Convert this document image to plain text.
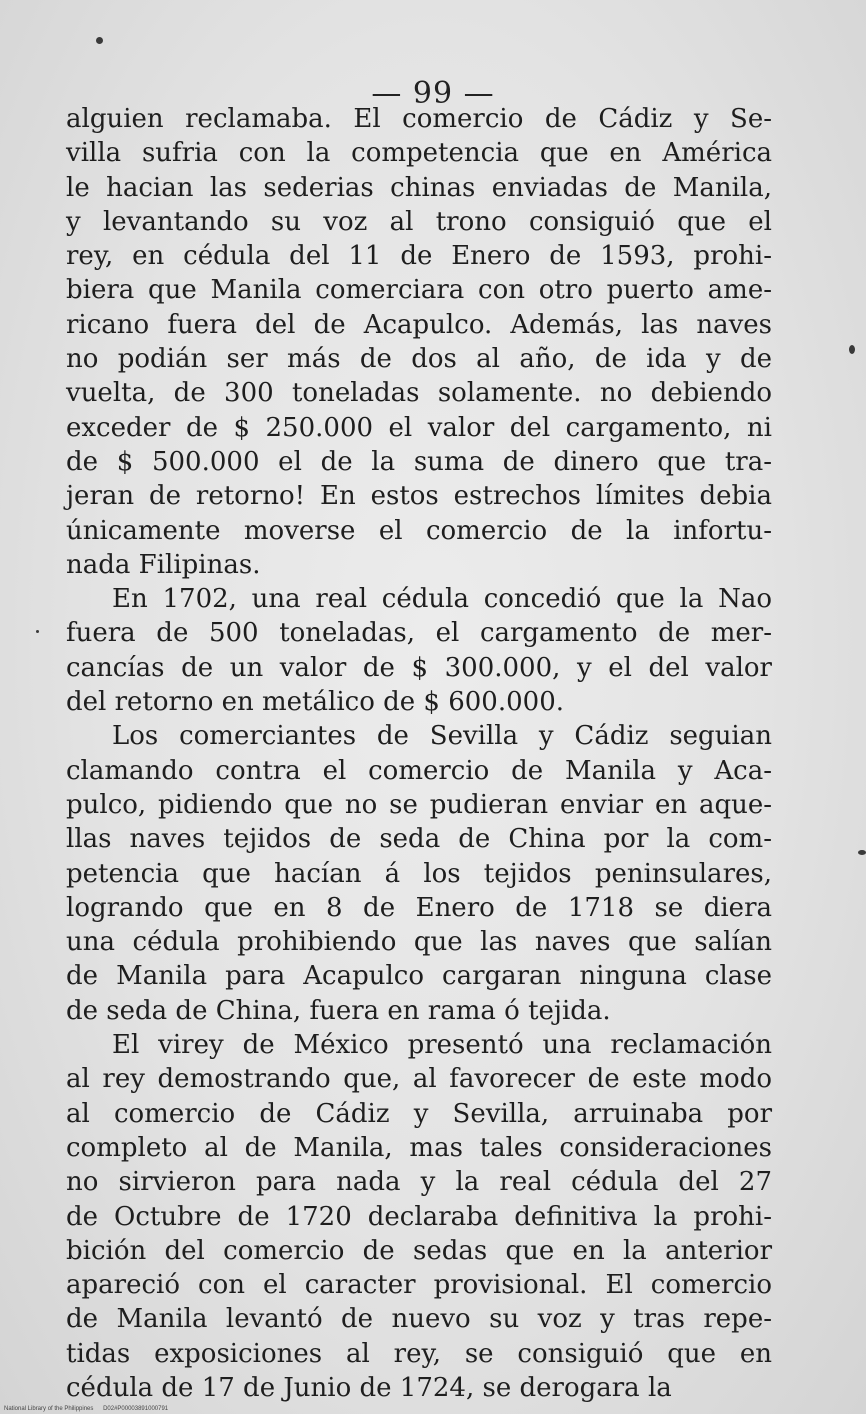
— 99 —
alguien reclamaba. El comercio de Cádiz y Se-
villa sufria con la competencia que en América
le hacian las sederias chinas enviadas de Manila,
y levantando su voz al trono consiguió que el
rey, en cédula del 11 de Enero de 1593, prohi-
biera que Manila comerciara con otro puerto ame-
ricano fuera del de Acapulco. Además, las naves
no podián ser más de dos al año, de ida y de
vuelta, de 300 toneladas solamente. no debiendo
exceder de $ 250.000 el valor del cargamento, ni
de $ 500.000 el de la suma de dinero que tra-
jeran de retorno! En estos estrechos límites debia
únicamente moverse el comercio de la infortu-
nada Filipinas.
En 1702, una real cédula concedió que la Nao
fuera de 500 toneladas, el cargamento de mer-
cancías de un valor de $ 300.000, y el del valor
del retorno en metálico de $ 600.000.
Los comerciantes de Sevilla y Cádiz seguian
clamando contra el comercio de Manila y Aca-
pulco, pidiendo que no se pudieran enviar en aque-
llas naves tejidos de seda de China por la com-
petencia que hacían á los tejidos peninsulares,
logrando que en 8 de Enero de 1718 se diera
una cédula prohibiendo que las naves que salían
de Manila para Acapulco cargaran ninguna clase
de seda de China, fuera en rama ó tejida.
El virey de México presentó una reclamación
al rey demostrando que, al favorecer de este modo
al comercio de Cádiz y Sevilla, arruinaba por
completo al de Manila, mas tales consideraciones
no sirvieron para nada y la real cédula del 27
de Octubre de 1720 declaraba definitiva la prohi-
bición del comercio de sedas que en la anterior
apareció con el caracter provisional. El comercio
de Manila levantó de nuevo su voz y tras repe-
tidas exposiciones al rey, se consiguió que en
cédula de 17 de Junio de 1724, se derogara la
National Library of the Philippines D02#P00003891000791
